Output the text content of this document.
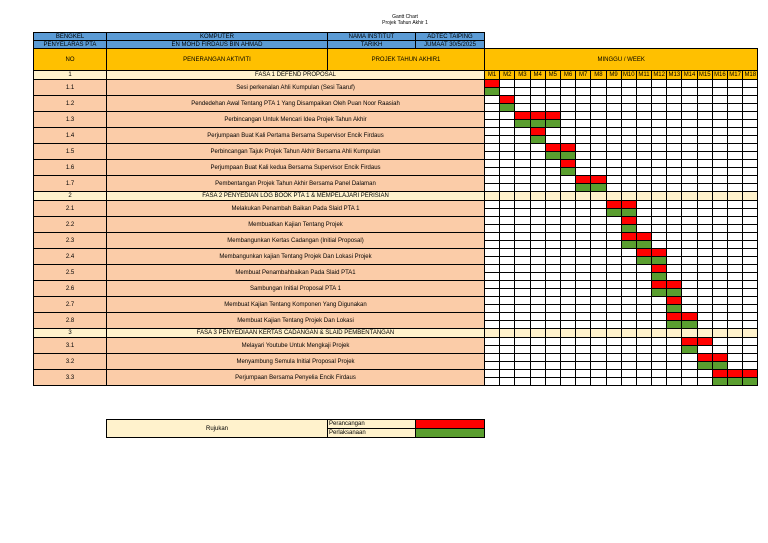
Gantt Chart
Projek Tahun Akhir 1
BENGKEL	KOMPUTER	NAMA INSTITUT	ADTEC TAIPING																		
PENYELARAS PTA	EN MOHD FIRDAUS BIN AHMAD	TARIKH	JUMAAT 30/5/2025																		
NO	PENERANGAN AKTIVITI	PROJEK TAHUN AKHIR1		MINGGU / WEEK																	
1	FASA 1 DEFEND PROPOSAL			M1	M2	M3	M4	M5	M6	M7	M8	M9	M10	M11	M12	M13	M14	M15	M16	M17	M18
1.1	Sesi perkenalan Ahli Kumpulan (Sesi Taaruf)																				

1.2	Pendedehan Awal Tentang PTA 1 Yang Disampaikan Oleh Puan Noor Raasiah																				

1.3	Perbincangan Untuk Mencari Idea Projek Tahun Akhir																				

1.4	Perjumpaan Buat Kali Pertama Bersama Supervisor Encik Firdaus																				

1.5	Perbincangan Tajuk Projek Tahun Akhir Bersama Ahli Kumpulan																				

1.6	Perjumpaan Buat Kali kedua Bersama Supervisor Encik Firdaus																				

1.7	Pembentangan Projek Tahun Akhir Bersama Panel Dalaman																				

2	FASA 2 PENYEDIAN LOG BOOK PTA 1 & MEMPELAJARI PERISIAN																				
2.1	Melakukan Penambah Baikan Pada Slaid PTA 1																				

2.2	Membuatkan Kajian Tentang Projek																				

2.3	Membangunkan Kertas Cadangan (Initial Proposal)																				

2.4	Membangunkan kajian Tentang Projek Dan Lokasi Projek																				

2.5	Membuat Penambahbaikan Pada Slaid PTA1																				

2.6	Sambungan Initial Proposal PTA 1																				

2.7	Membuat Kajian Tentang Komponen Yang Digunakan																				

2.8	Membuat Kajian Tentang Projek Dan Lokasi																				

3	FASA 3 PENYEDIAAN KERTAS CADANGAN & SLAID PEMBENTANGAN																				
3.1	Melayari Youtube Untuk Mengkaji Projek																				

3.2	Menyambung Semula Initial Proposal Projek																				

3.3	Perjumpaan Bersama Penyelia Encik Firdaus																				

Rujukan	Perancangan	
	Perlaksanaan	
